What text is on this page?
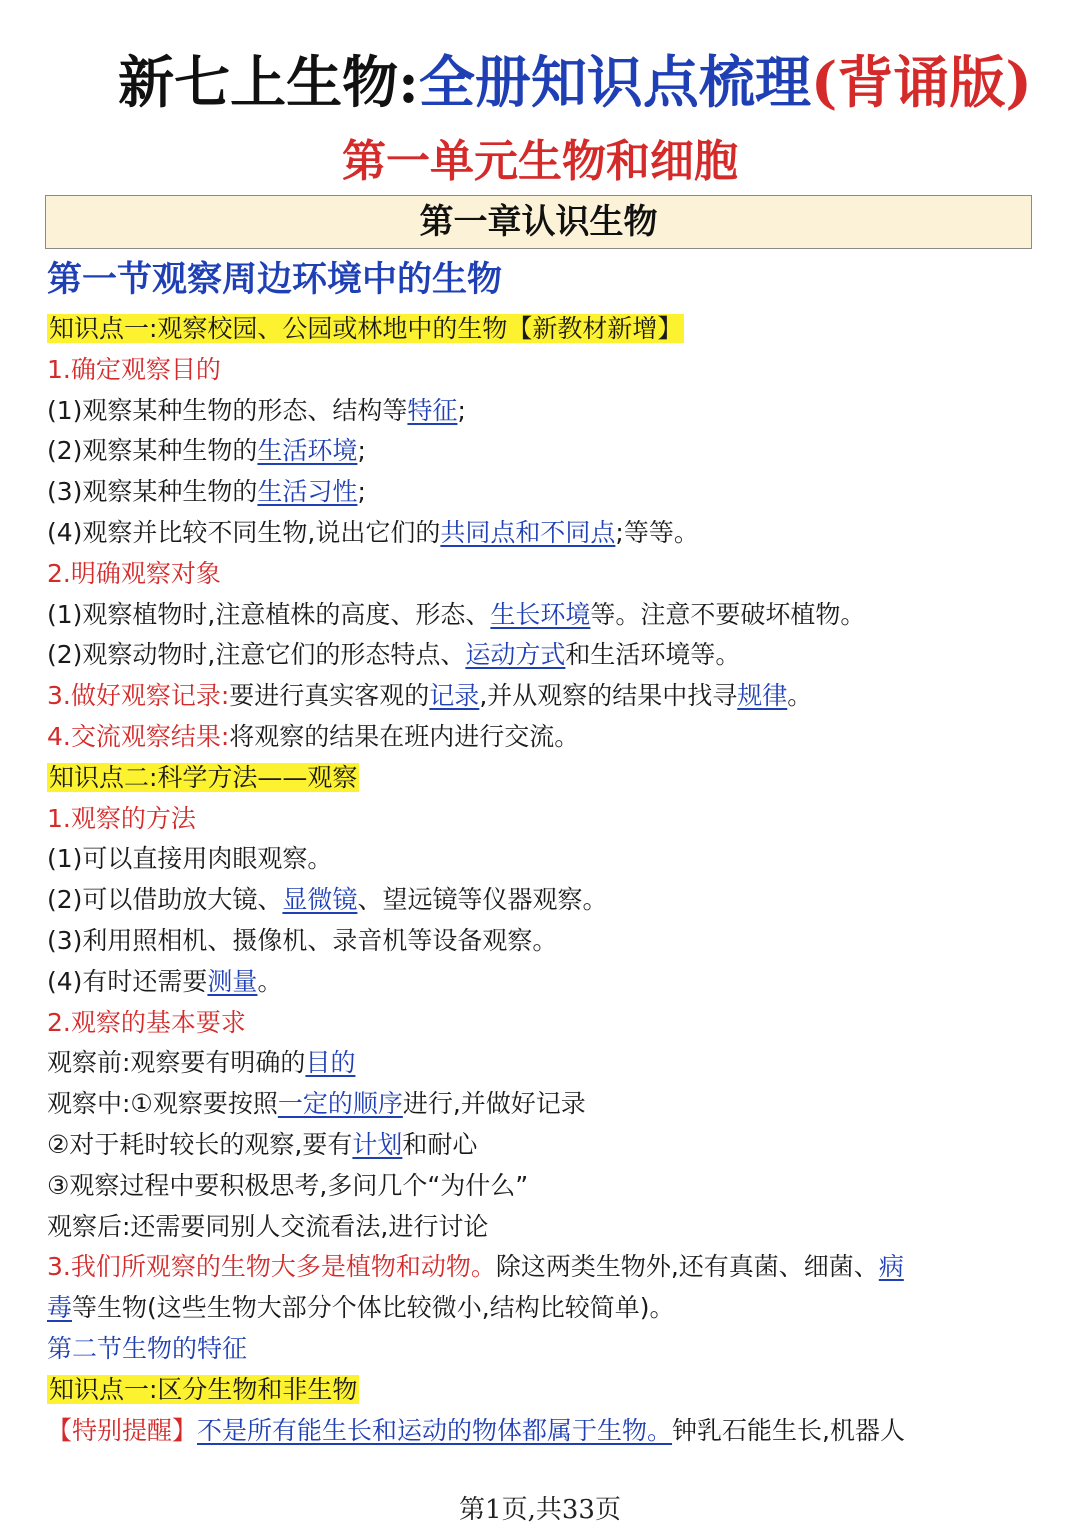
新七上生物:全册知识点梳理(背诵版)
第一单元生物和细胞
第一章认识生物
第一节观察周边环境中的生物
知识点一:观察校园、公园或林地中的生物【新教材新增】
1.确定观察目的
(1)观察某种生物的形态、结构等特征;
(2)观察某种生物的生活环境;
(3)观察某种生物的生活习性;
(4)观察并比较不同生物,说出它们的共同点和不同点;等等。
2.明确观察对象
(1)观察植物时,注意植株的高度、形态、生长环境等。注意不要破坏植物。
(2)观察动物时,注意它们的形态特点、运动方式和生活环境等。
3.做好观察记录:要进行真实客观的记录,并从观察的结果中找寻规律。
4.交流观察结果:将观察的结果在班内进行交流。
知识点二:科学方法——观察
1.观察的方法
(1)可以直接用肉眼观察。
(2)可以借助放大镜、显微镜、望远镜等仪器观察。
(3)利用照相机、摄像机、录音机等设备观察。
(4)有时还需要测量。
2.观察的基本要求
观察前:观察要有明确的目的
观察中:①观察要按照一定的顺序进行,并做好记录
②对于耗时较长的观察,要有计划和耐心
③观察过程中要积极思考,多问几个“为什么”
观察后:还需要同别人交流看法,进行讨论
3.我们所观察的生物大多是植物和动物。除这两类生物外,还有真菌、细菌、病
毒等生物(这些生物大部分个体比较微小,结构比较简单)。
第二节生物的特征
知识点一:区分生物和非生物
【特别提醒】不是所有能生长和运动的物体都属于生物。钟乳石能生长,机器人
第1页,共33页
